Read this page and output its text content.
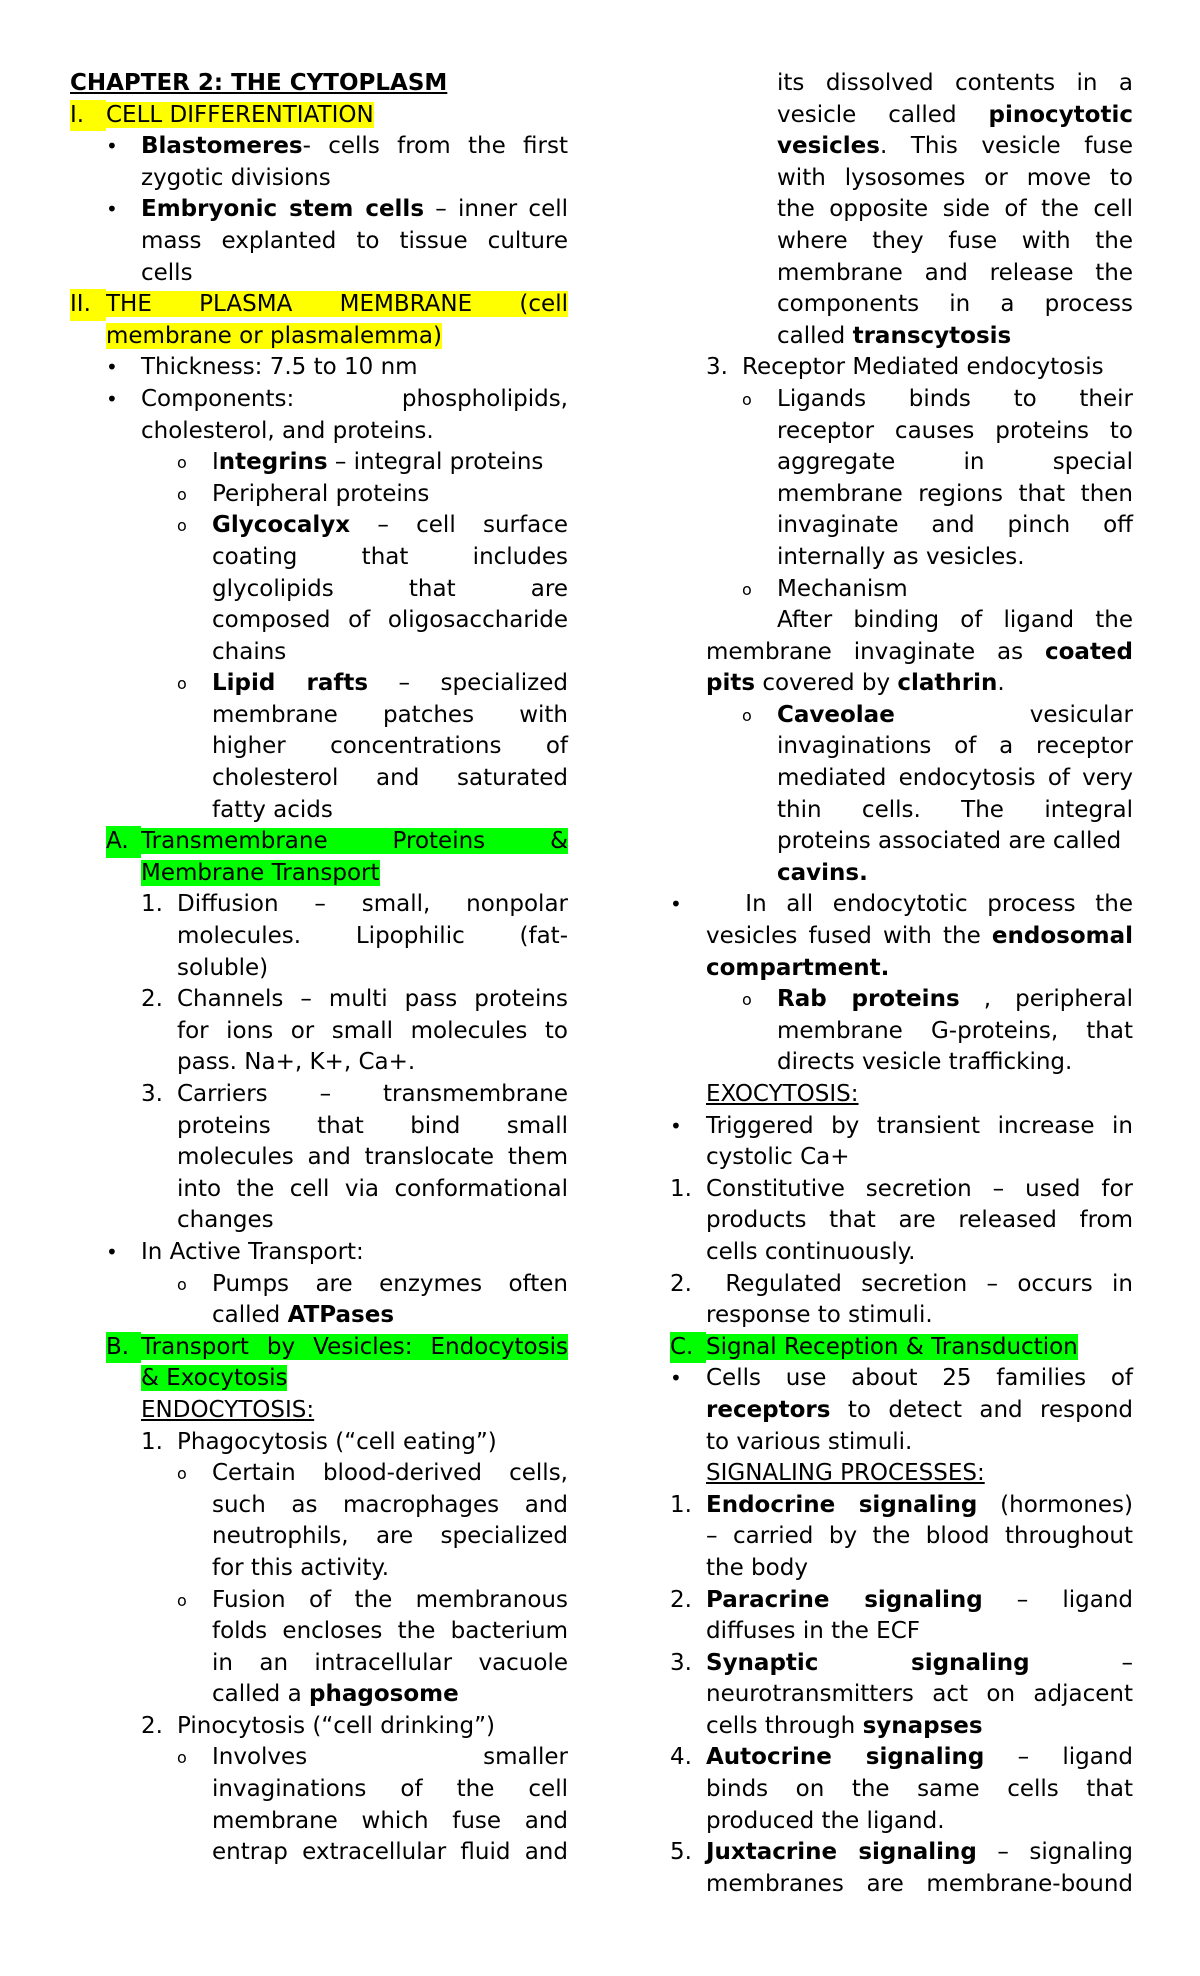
CHAPTER 2: THE CYTOPLASM
I. CELL DIFFERENTIATION
•	Blastomeres- cells from the first
zygotic divisions
•	Embryonic stem cells – inner cell
mass explanted to tissue culture
cells
II. THE PLASMA MEMBRANE (cell
membrane or plasmalemma)
•	Thickness: 7.5 to 10 nm
•	Components: phospholipids,
cholesterol, and proteins.
o	Integrins – integral proteins
o	Peripheral proteins
o	Glycocalyx – cell surface
coating that includes
glycolipids that are
composed of oligosaccharide
chains
o	Lipid rafts – specialized
membrane patches with
higher concentrations of
cholesterol and saturated
fatty acids
A. Transmembrane Proteins &
Membrane Transport
1. Diffusion – small, nonpolar
molecules. Lipophilic (fat-
soluble)
2. Channels – multi pass proteins
for ions or small molecules to
pass. Na+, K+, Ca+.
3. Carriers – transmembrane
proteins that bind small
molecules and translocate them
into the cell via conformational
changes
•	In Active Transport:
o	Pumps are enzymes often
called ATPases
B. Transport by Vesicles: Endocytosis
& Exocytosis
ENDOCYTOSIS:
1. Phagocytosis (“cell eating”)
o	Certain blood-derived cells,
such as macrophages and
neutrophils, are specialized
for this activity.
o	Fusion of the membranous
folds encloses the bacterium
in an intracellular vacuole
called a phagosome
2. Pinocytosis (“cell drinking”)
o	Involves smaller
invaginations of the cell
membrane which fuse and
entrap extracellular fluid and
its dissolved contents in a
vesicle called pinocytotic
vesicles. This vesicle fuse
with lysosomes or move to
the opposite side of the cell
where they fuse with the
membrane and release the
components in a process
called transcytosis
3. Receptor Mediated endocytosis
o	Ligands binds to their
receptor causes proteins to
aggregate in special
membrane regions that then
invaginate and pinch off
internally as vesicles.
o	Mechanism
After binding of ligand the
membrane invaginate as coated
pits covered by clathrin.
o	Caveolae vesicular
invaginations of a receptor
mediated endocytosis of very
thin cells. The integral
proteins associated are called
cavins.
•	In all endocytotic process the
vesicles fused with the endosomal
compartment.
o	Rab proteins , peripheral
membrane G-proteins, that
directs vesicle trafficking.
EXOCYTOSIS:
•	Triggered by transient increase in
cystolic Ca+
1. Constitutive secretion – used for
products that are released from
cells continuously.
2. Regulated secretion – occurs in
response to stimuli.
C. Signal Reception & Transduction
•	Cells use about 25 families of
receptors to detect and respond
to various stimuli.
SIGNALING PROCESSES:
1. Endocrine signaling (hormones)
– carried by the blood throughout
the body
2. Paracrine signaling – ligand
diffuses in the ECF
3. Synaptic signaling –
neurotransmitters act on adjacent
cells through synapses
4. Autocrine signaling – ligand
binds on the same cells that
produced the ligand.
5. Juxtacrine signaling – signaling
membranes are membrane-bound
